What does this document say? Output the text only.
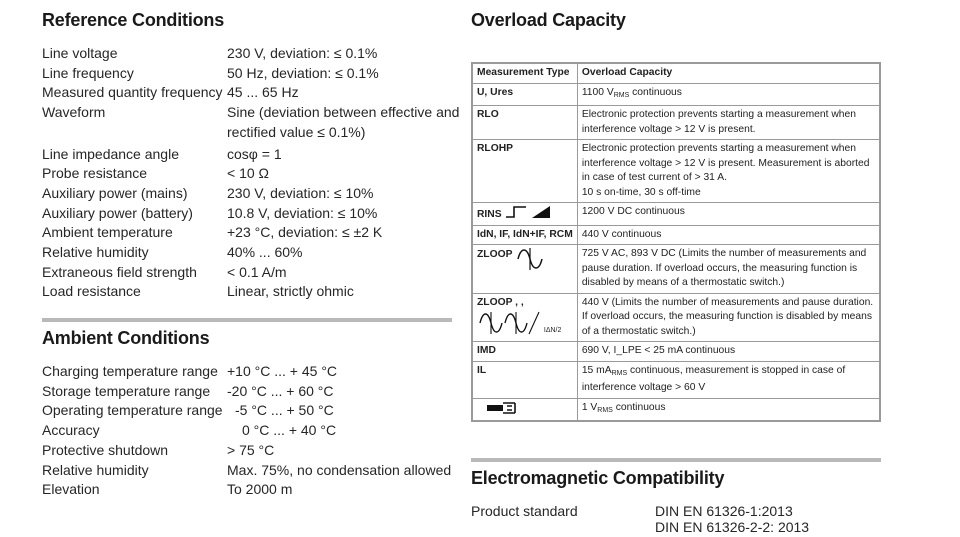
Reference Conditions
Line voltage	230 V, deviation: ≤ 0.1%
Line frequency	50 Hz, deviation: ≤ 0.1%
Measured quantity frequency 45 ... 65 Hz
Waveform	Sine (deviation between effective and
rectified value ≤ 0.1%)
Line impedance angle	cosφ = 1
Probe resistance	< 10 Ω
Auxiliary power (mains)	230 V, deviation: ≤ 10%
Auxiliary power (battery)	10.8 V, deviation: ≤ 10%
Ambient temperature	+23 °C, deviation: ≤ ±2 K
Relative humidity	40% ... 60%
Extraneous field strength	< 0.1 A/m
Load resistance	Linear, strictly ohmic
Ambient Conditions
Charging temperature range +10 °C ... + 45 °C
Storage temperature range	-20 °C ... + 60 °C
Operating temperature range -5 °C ... + 50 °C
Accuracy	0 °C ... + 40 °C
Protective shutdown	> 75 °C
Relative humidity	Max. 75%, no condensation allowed
Elevation	To 2000 m
Overload Capacity
Measurement Type	Overload Capacity
U, Ures	1100 $V_{RMS}$ continuous
RLO	Electronic protection prevents starting a measurement when interference voltage > 12 V is present.
RLOHP	Electronic protection prevents starting a measurement when interference voltage > 12 V is present. Measurement is aborted in case of test current of > 31 A.
10 s on-time, 30 s off-time
RINS	1200 V DC continuous
IdN, IF, IdN+IF, RCM	440 V continuous
ZLOOP	725 V AC, 893 V DC (Limits the number of measurements and pause duration. If overload occurs, the measuring function is disabled by means of a thermostatic switch.)
ZLOOP , ,
$_{I\Delta N/2}$	440 V (Limits the number of measurements and pause duration. If overload occurs, the measuring function is disabled by means of a thermostatic switch.)
IMD	690 V, I_LPE < 25 mA continuous
IL	15 $mA_{RMS}$ continuous, measurement is stopped in case of interference voltage > 60 V
	1 $V_{RMS}$ continuous
Electromagnetic Compatibility
Product standard	DIN EN 61326-1:2013
DIN EN 61326-2-2: 2013
